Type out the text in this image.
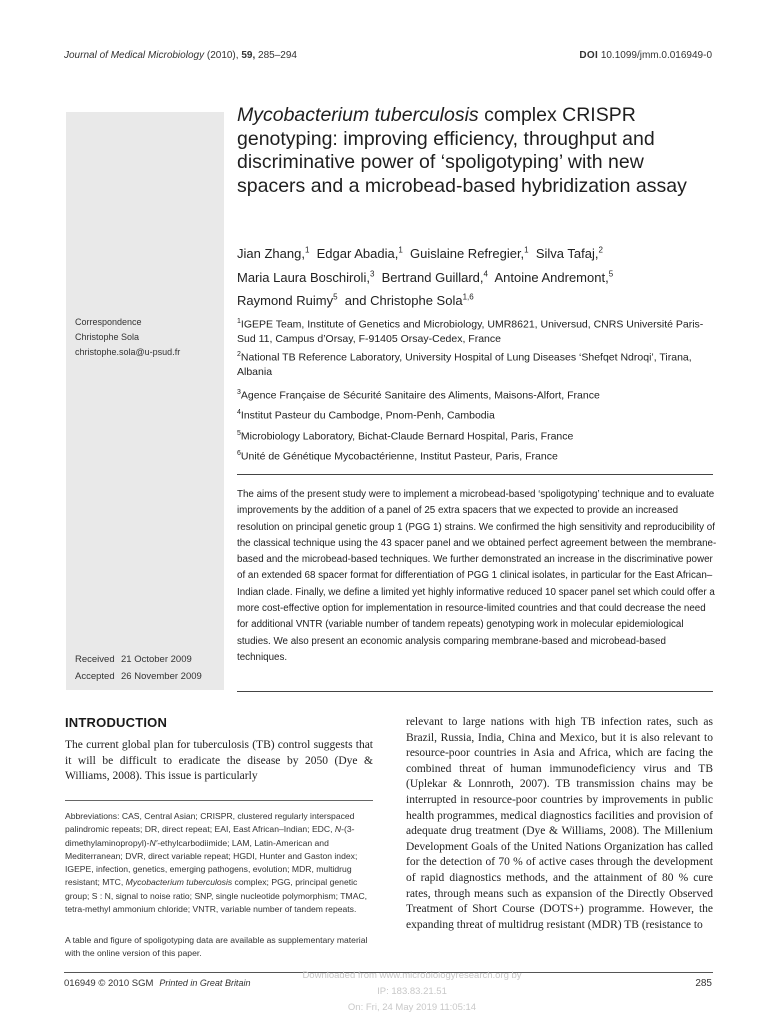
Journal of Medical Microbiology (2010), 59, 285–294	DOI 10.1099/jmm.0.016949-0
Mycobacterium tuberculosis complex CRISPR genotyping: improving efficiency, throughput and discriminative power of ‘spoligotyping’ with new spacers and a microbead-based hybridization assay
Jian Zhang,$^1$ Edgar Abadia,$^1$ Guislaine Refregier,$^1$ Silva Tafaj,$^2$
Maria Laura Boschiroli,$^3$ Bertrand Guillard,$^4$ Antoine Andremont,$^5$
Raymond Ruimy$^5$ and Christophe Sola$^{1,6}$
Correspondence
Christophe Sola
christophe.sola@u-psud.fr
$^1$IGEPE Team, Institute of Genetics and Microbiology, UMR8621, Universud, CNRS Université Paris-Sud 11, Campus d’Orsay, F-91405 Orsay-Cedex, France
$^2$National TB Reference Laboratory, University Hospital of Lung Diseases ‘Shefqet Ndroqi’, Tirana, Albania
$^3$Agence Française de Sécurité Sanitaire des Aliments, Maisons-Alfort, France
$^4$Institut Pasteur du Cambodge, Pnom-Penh, Cambodia
$^5$Microbiology Laboratory, Bichat-Claude Bernard Hospital, Paris, France
$^6$Unité de Génétique Mycobactérienne, Institut Pasteur, Paris, France
The aims of the present study were to implement a microbead-based ‘spoligotyping’ technique and to evaluate improvements by the addition of a panel of 25 extra spacers that we expected to provide an increased resolution on principal genetic group 1 (PGG 1) strains. We confirmed the high sensitivity and reproducibility of the classical technique using the 43 spacer panel and we obtained perfect agreement between the membrane-based and the microbead-based techniques. We further demonstrated an increase in the discriminative power of an extended 68 spacer format for differentiation of PGG 1 clinical isolates, in particular for the East African–Indian clade. Finally, we define a limited yet highly informative reduced 10 spacer panel set which could offer a more cost-effective option for implementation in resource-limited countries and that could decrease the need for additional VNTR (variable number of tandem repeats) genotyping work in molecular epidemiological studies. We also present an economic analysis comparing membrane-based and microbead-based techniques.
Received 21 October 2009
Accepted 26 November 2009
INTRODUCTION
The current global plan for tuberculosis (TB) control suggests that it will be difficult to eradicate the disease by 2050 (Dye & Williams, 2008). This issue is particularly
relevant to large nations with high TB infection rates, such as Brazil, Russia, India, China and Mexico, but it is also relevant to resource-poor countries in Asia and Africa, which are facing the combined threat of human immunodeficiency virus and TB (Uplekar & Lonnroth, 2007). TB transmission chains may be interrupted in resource-poor countries by improvements in public health programmes, medical diagnostics facilities and provision of adequate drug treatment (Dye & Williams, 2008). The Millenium Development Goals of the United Nations Organization has called for the detection of 70 % of active cases through the development of rapid diagnostics methods, and the attainment of 80 % cure rates, through means such as expansion of the Directly Observed Treatment of Short Course (DOTS+) programme. However, the expanding threat of multidrug resistant (MDR) TB (resistance to
Abbreviations: CAS, Central Asian; CRISPR, clustered regularly interspaced palindromic repeats; DR, direct repeat; EAI, East African–Indian; EDC, N-(3-dimethylaminopropyl)-N′-ethylcarbodiimide; LAM, Latin-American and Mediterranean; DVR, direct variable repeat; HGDI, Hunter and Gaston index; IGEPE, infection, genetics, emerging pathogens, evolution; MDR, multidrug resistant; MTC, Mycobacterium tuberculosis complex; PGG, principal genetic group; S : N, signal to noise ratio; SNP, single nucleotide polymorphism; TMAC, tetra-methyl ammonium chloride; VNTR, variable number of tandem repeats.
A table and figure of spoligotyping data are available as supplementary material with the online version of this paper.
016949 © 2010 SGM Printed in Great Britain	285
Downloaded from www.microbiologyresearch.org by
IP: 183.83.21.51
On: Fri, 24 May 2019 11:05:14
